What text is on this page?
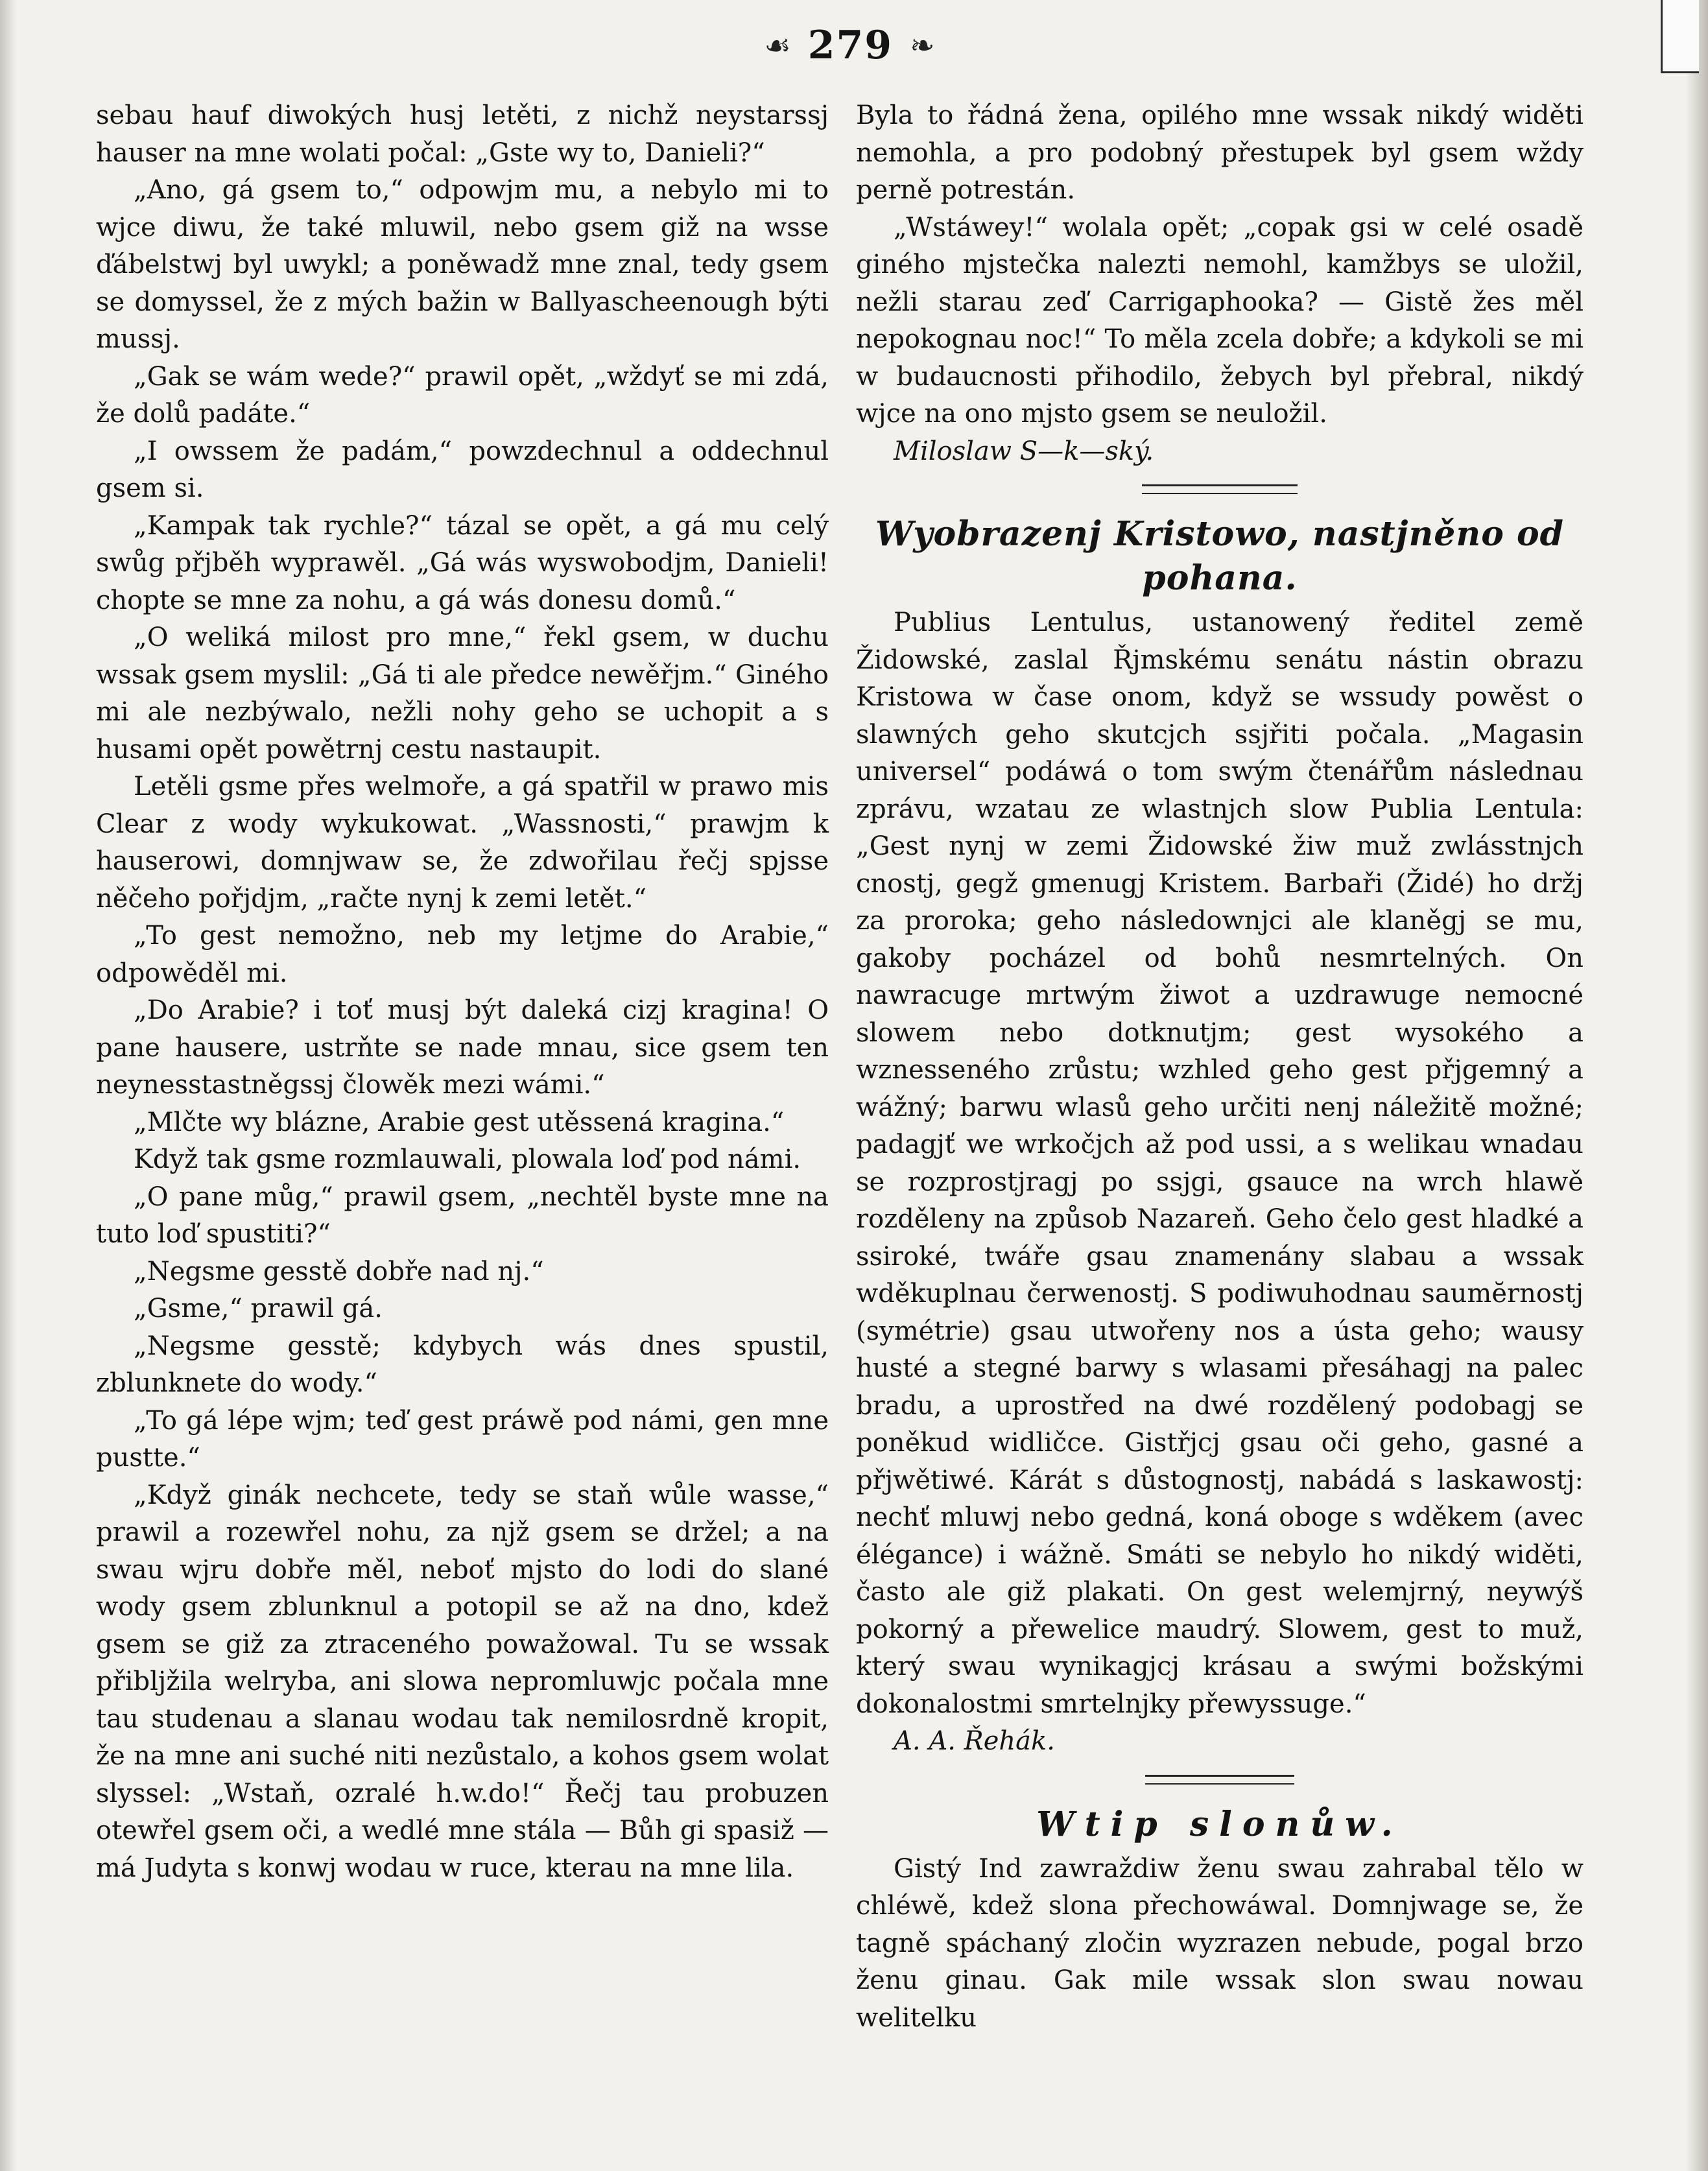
☙ 279 ❧

sebau hauf diwokých husj letěti, z nichž neystarssj hauser na mne wolati počal: „Gste wy to, Danieli?“

„Ano, gá gsem to,“ odpowjm mu, a nebylo mi to wjce diwu, že také mluwil, nebo gsem giž na wsse ďábelstwj byl uwykl; a poněwadž mne znal, tedy gsem se domyssel, že z mých bažin w Ballyascheenough býti mussj.

„Gak se wám wede?“ prawil opět, „wždyť se mi zdá, že dolů padáte.“

„I owssem že padám,“ powzdechnul a oddechnul gsem si.

„Kampak tak rychle?“ tázal se opět, a gá mu celý swůg přjběh wyprawěl. „Gá wás wyswobodjm, Danieli! chopte se mne za nohu, a gá wás donesu domů.“

„O weliká milost pro mne,“ řekl gsem, w duchu wssak gsem myslil: „Gá ti ale předce newěřjm.“ Giného mi ale nezbýwalo, nežli nohy geho se uchopit a s husami opět powětrnj cestu nastaupit.

Letěli gsme přes welmoře, a gá spatřil w prawo mis Clear z wody wykukowat. „Wassnosti,“ prawjm k hauserowi, domnjwaw se, že zdwořilau řečj spjsse něčeho pořjdjm, „račte nynj k zemi letět.“

„To gest nemožno, neb my letjme do Arabie,“ odpowěděl mi.

„Do Arabie? i toť musj být daleká cizj kragina! O pane hausere, ustrňte se nade mnau, sice gsem ten neynesstastněgssj člowěk mezi wámi.“

„Mlčte wy blázne, Arabie gest utěssená kragina.“

Když tak gsme rozmlauwali, plowala loď pod námi.

„O pane můg,“ prawil gsem, „nechtěl byste mne na tuto loď spustiti?“

„Negsme gesstě dobře nad nj.“

„Gsme,“ prawil gá.

„Negsme gesstě; kdybych wás dnes spustil, zblunknete do wody.“

„To gá lépe wjm; teď gest práwě pod námi, gen mne pustte.“

„Když ginák nechcete, tedy se staň wůle wasse,“ prawil a rozewřel nohu, za njž gsem se držel; a na swau wjru dobře měl, neboť mjsto do lodi do slané wody gsem zblunknul a potopil se až na dno, kdež gsem se giž za ztraceného powažowal. Tu se wssak přibljžila welryba, ani slowa nepromluwjc počala mne tau studenau a slanau wodau tak nemilosrdně kropit, že na mne ani suché niti nezůstalo, a kohos gsem wolat slyssel: „Wstaň, ozralé h.w.do!“ Řečj tau probuzen otewřel gsem oči, a wedlé mne stála — Bůh gi spasiž — má Judyta s konwj wodau w ruce, kterau na mne lila.

Byla to řádná žena, opilého mne wssak nikdý widěti nemohla, a pro podobný přestupek byl gsem wždy perně potrestán.

„Wstáwey!“ wolala opět; „copak gsi w celé osadě giného mjstečka nalezti nemohl, kamžbys se uložil, nežli starau zeď Carrigaphooka? — Gistě žes měl nepokognau noc!“ To měla zcela dobře; a kdykoli se mi w budaucnosti přihodilo, žebych byl přebral, nikdý wjce na ono mjsto gsem se neuložil.

Miloslaw S—k—ský.

Wyobrazenj Kristowo, nastjněno od pohana.

Publius Lentulus, ustanowený ředitel země Židowské, zaslal Řjmskému senátu nástin obrazu Kristowa w čase onom, když se wssudy powěst o slawných geho skutcjch ssjřiti počala. „Magasin universel“ podáwá o tom swým čtenářům následnau zprávu, wzatau ze wlastnjch slow Publia Lentula: „Gest nynj w zemi Židowské žiw muž zwlásstnjch cnostj, gegž gmenugj Kristem. Barbaři (Židé) ho držj za proroka; geho následownjci ale klaněgj se mu, gakoby pocházel od bohů nesmrtelných. On nawracuge mrtwým žiwot a uzdrawuge nemocné slowem nebo dotknutjm; gest wysokého a wznesseného zrůstu; wzhled geho gest přjgemný a wážný; barwu wlasů geho určiti nenj náležitě možné; padagjť we wrkočjch až pod ussi, a s welikau wnadau se rozprostjragj po ssjgi, gsauce na wrch hlawě rozděleny na způsob Nazareň. Geho čelo gest hladké a ssiroké, twáře gsau znamenány slabau a wssak wděkuplnau čerwenostj. S podiwuhodnau saumĕrnostj (symétrie) gsau utwořeny nos a ústa geho; wausy husté a stegné barwy s wlasami přesáhagj na palec bradu, a uprostřed na dwé rozdělený podobagj se poněkud widličce. Gistřjcj gsau oči geho, gasné a přjwětiwé. Kárát s důstognostj, nabádá s laskawostj: nechť mluwj nebo gedná, koná oboge s wděkem (avec élégance) i wážně. Smáti se nebylo ho nikdý widěti, často ale giž plakati. On gest welemjrný, neywýš pokorný a přewelice maudrý. Slowem, gest to muž, který swau wynikagjcj krásau a swými božskými dokonalostmi smrtelnjky přewyssuge.“

A. A. Řehák.

Wtip slonůw.

Gistý Ind zawraždiw ženu swau zahrabal tělo w chléwě, kdež slona přechowáwal. Domnjwage se, že tagně spáchaný zločin wyzrazen nebude, pogal brzo ženu ginau. Gak mile wssak slon swau nowau welitelku
